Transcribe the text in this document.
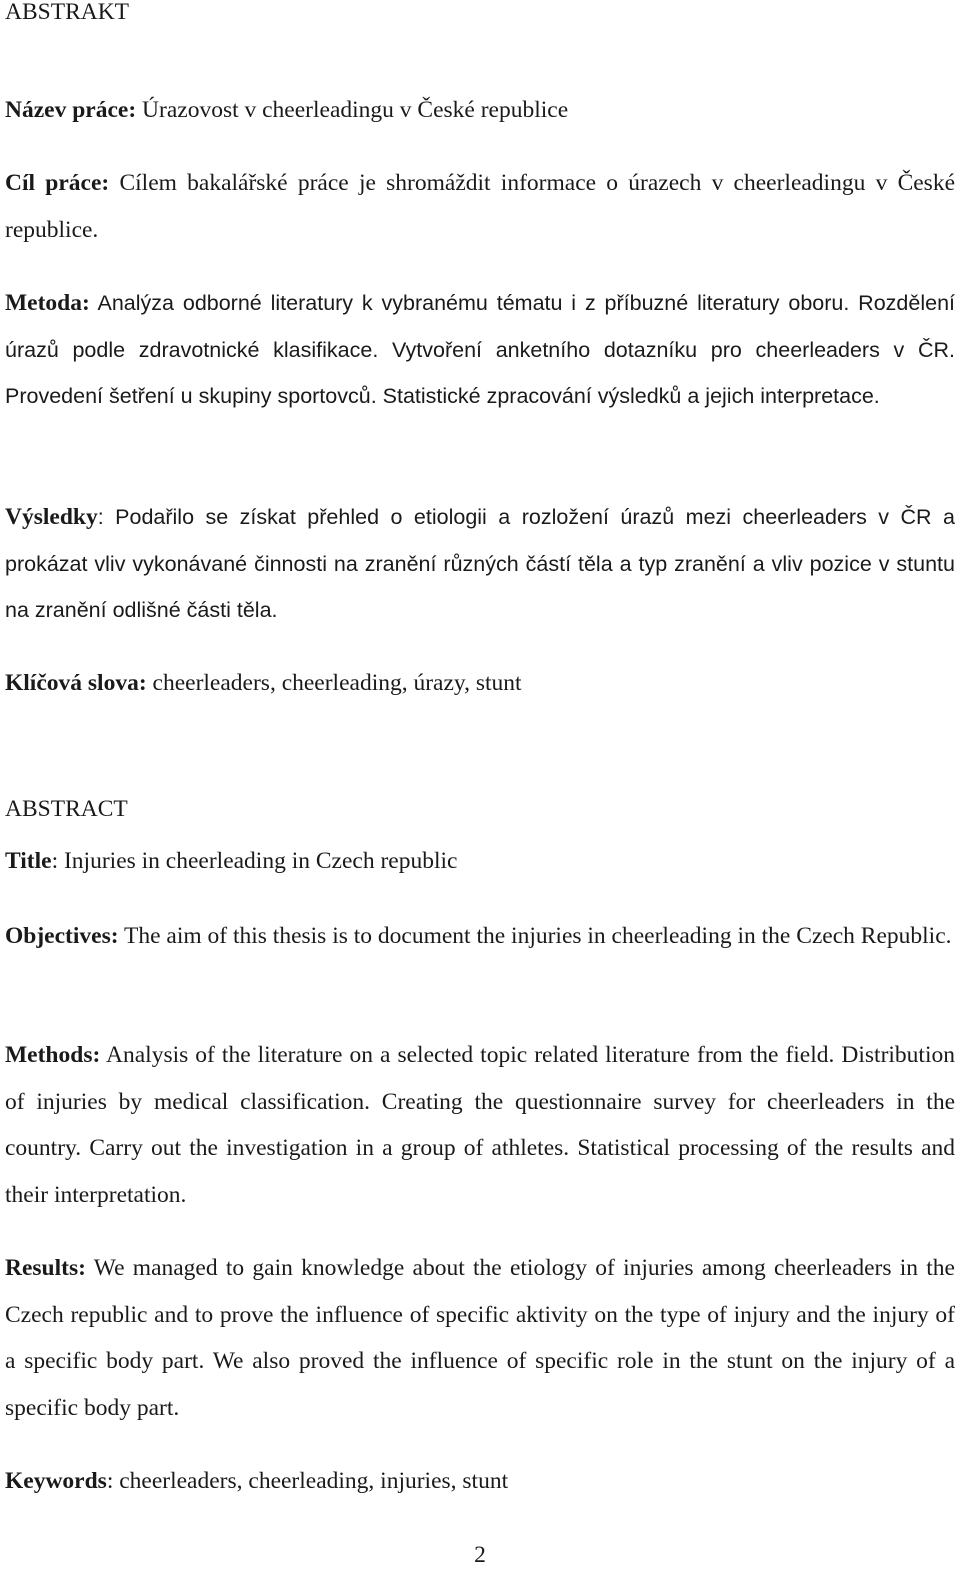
ABSTRAKT
Název práce: Úrazovost v cheerleadingu v České republice
Cíl práce: Cílem bakalářské práce je shromáždit informace o úrazech v cheerleadingu v České republice.
Metoda: Analýza odborné literatury k vybranému tématu i z příbuzné literatury oboru. Rozdělení úrazů podle zdravotnické klasifikace. Vytvoření anketního dotazníku pro cheerleaders v ČR. Provedení šetření u skupiny sportovců. Statistické zpracování výsledků a jejich interpretace.
Výsledky: Podařilo se získat přehled o etiologii a rozložení úrazů mezi cheerleaders v ČR a prokázat vliv vykonávané činnosti na zranění různých částí těla a typ zranění a vliv pozice v stuntu na zranění odlišné části těla.
Klíčová slova: cheerleaders, cheerleading, úrazy, stunt
ABSTRACT
Title: Injuries in cheerleading in Czech republic
Objectives: The aim of this thesis is to document the injuries in cheerleading in the Czech Republic.
Methods: Analysis of the literature on a selected topic related literature from the field. Distribution of injuries by medical classification. Creating the questionnaire survey for cheerleaders in the country. Carry out the investigation in a group of athletes. Statistical processing of the results and their interpretation.
Results: We managed to gain knowledge about the etiology of injuries among cheerleaders in the Czech republic and to prove the influence of specific aktivity on the type of injury and the injury of a specific body part. We also proved the influence of specific role in the stunt on the injury of a specific body part.
Keywords: cheerleaders, cheerleading, injuries, stunt
2
